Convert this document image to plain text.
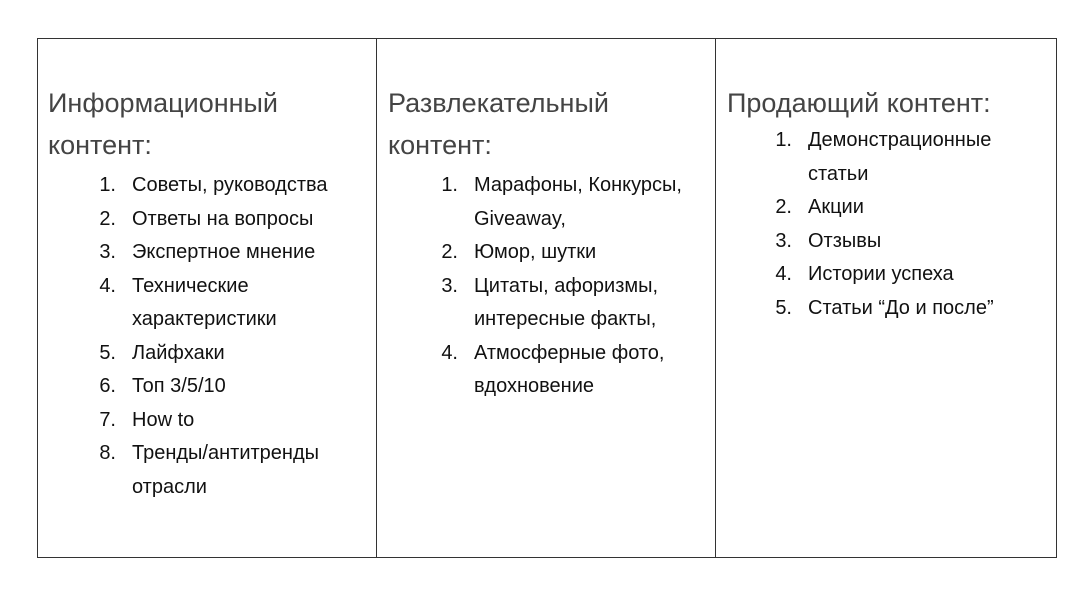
Информационный контент:
1. Советы, руководства
2. Ответы на вопросы
3. Экспертное мнение
4. Технические характеристики
5. Лайфхаки
6. Топ 3/5/10
7. How to
8. Тренды/антитренды отрасли

Развлекательный контент:
1. Марафоны, Конкурсы, Giveaway,
2. Юмор, шутки
3. Цитаты, афоризмы, интересные факты,
4. Атмосферные фото, вдохновение

Продающий контент:
1. Демонстрационные статьи
2. Акции
3. Отзывы
4. Истории успеха
5. Статьи “До и после”
